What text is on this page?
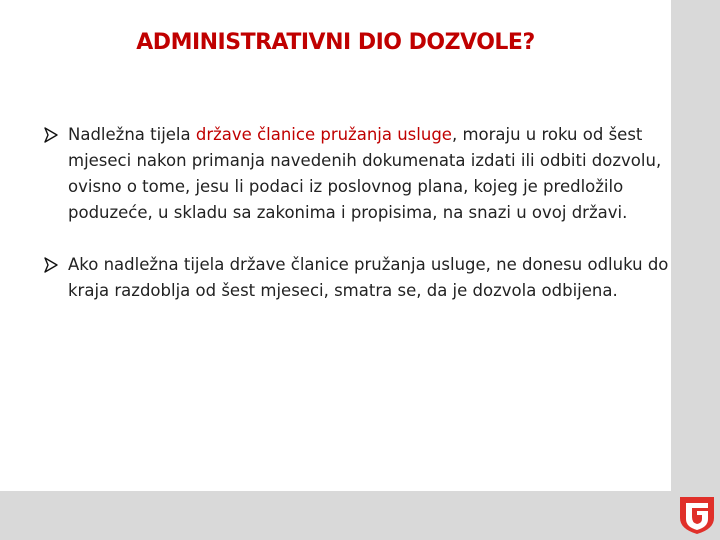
ADMINISTRATIVNI DIO DOZVOLE?
Nadležna tijela države članice pružanja usluge, moraju u roku od šest mjeseci nakon primanja navedenih dokumenata izdati ili odbiti dozvolu, ovisno o tome, jesu li podaci iz poslovnog plana, kojeg je predložilo poduzeće, u skladu sa zakonima i propisima, na snazi u ovoj državi.
Ako nadležna tijela države članice pružanja usluge, ne donesu odluku do kraja razdoblja od šest mjeseci, smatra se, da je dozvola odbijena.
